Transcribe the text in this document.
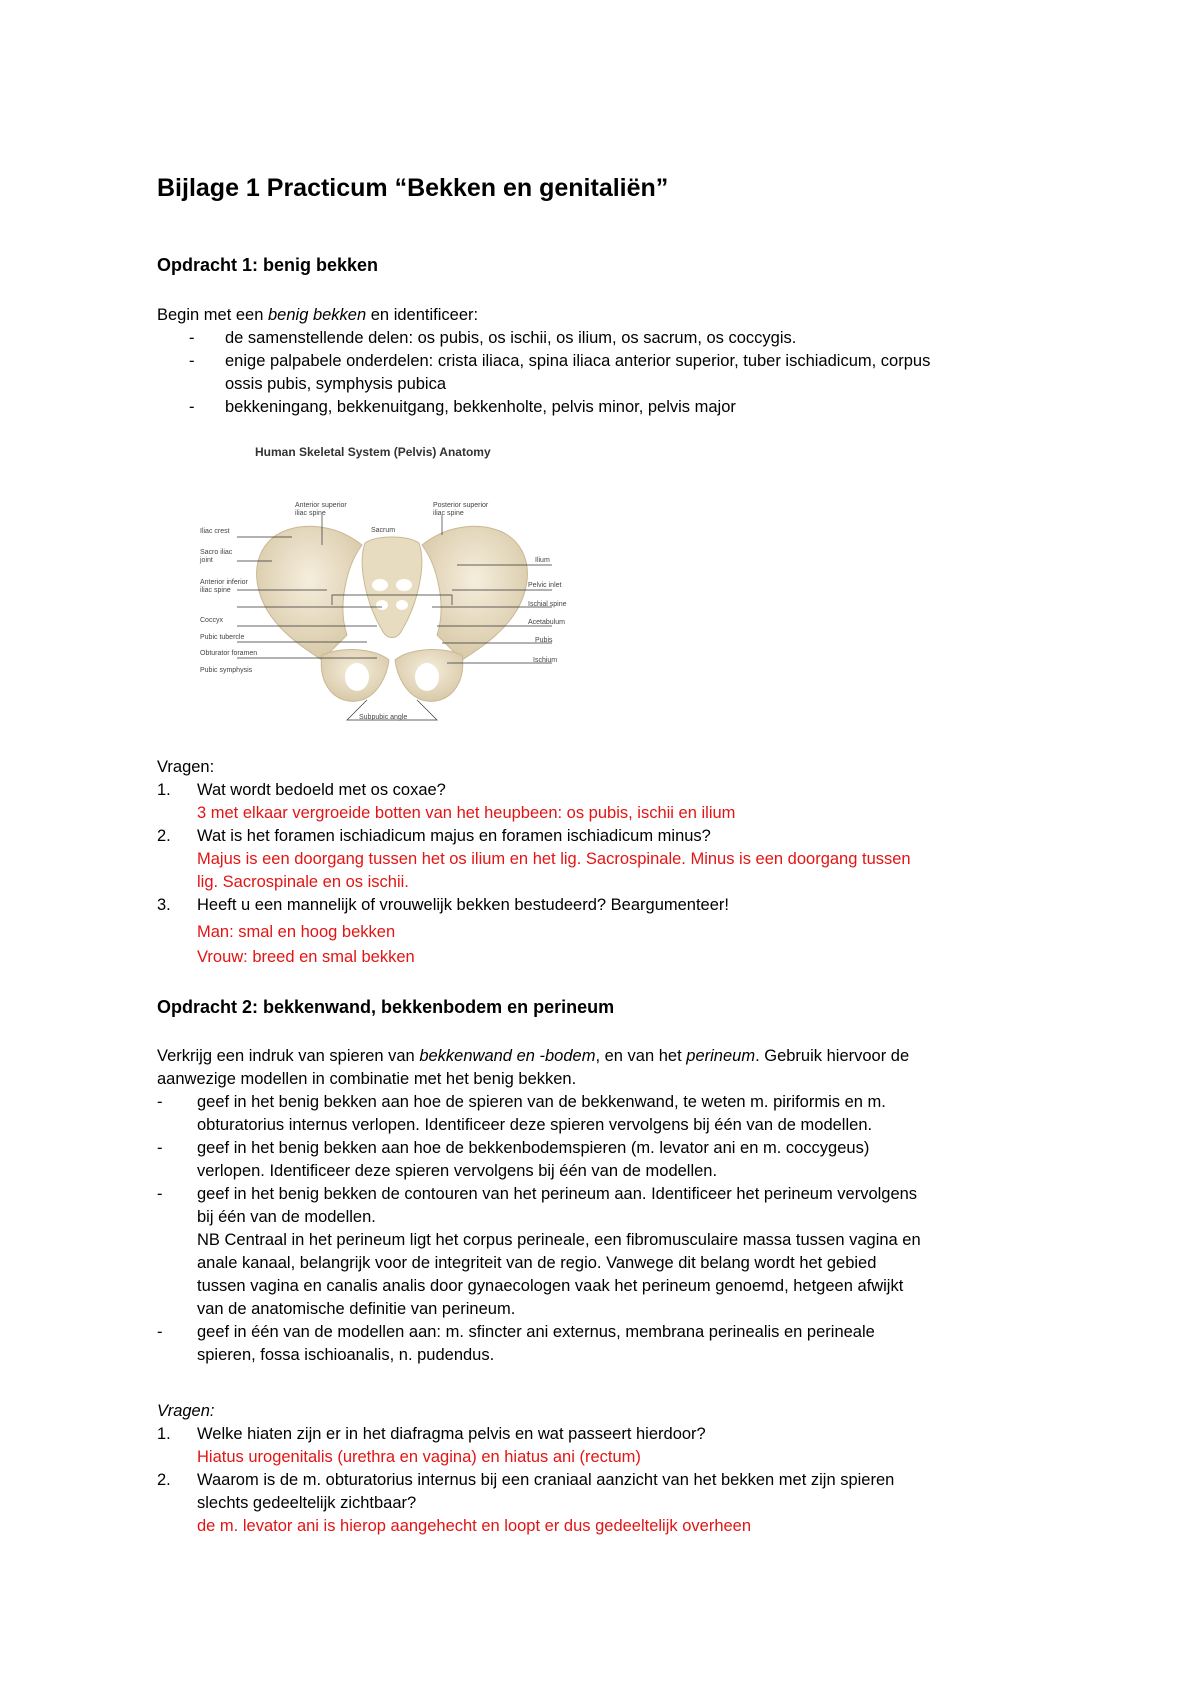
Bijlage 1 Practicum “Bekken en genitaliën”
Opdracht 1: benig bekken
Begin met een benig bekken en identificeer:
- de samenstellende delen: os pubis, os ischii, os ilium, os sacrum, os coccygis.
- enige palpabele onderdelen: crista iliaca, spina iliaca anterior superior, tuber ischiadicum, corpus
ossis pubis, symphysis pubica
- bekkeningang, bekkenuitgang, bekkenholte, pelvis minor, pelvis major
Human Skeletal System (Pelvis) Anatomy
Anterior superior
iliac spine
Posterior superior
iliac spine
Iliac crest
Sacro iliac
joint
Anterior inferior
iliac spine
Coccyx
Pubic tubercle
Obturator foramen
Pubic symphysis
Sacrum
Ilium
Pelvic inlet
Ischial spine
Acetabulum
Pubis
Ischium
Subpubic angle
Vragen:
1. Wat wordt bedoeld met os coxae?
3 met elkaar vergroeide botten van het heupbeen: os pubis, ischii en ilium
2. Wat is het foramen ischiadicum majus en foramen ischiadicum minus?
Majus is een doorgang tussen het os ilium en het lig. Sacrospinale. Minus is een doorgang tussen
lig. Sacrospinale en os ischii.
3. Heeft u een mannelijk of vrouwelijk bekken bestudeerd? Beargumenteer!
Man: smal en hoog bekken
Vrouw: breed en smal bekken
Opdracht 2: bekkenwand, bekkenbodem en perineum
Verkrijg een indruk van spieren van bekkenwand en -bodem, en van het perineum. Gebruik hiervoor de
aanwezige modellen in combinatie met het benig bekken.
- geef in het benig bekken aan hoe de spieren van de bekkenwand, te weten m. piriformis en m.
obturatorius internus verlopen. Identificeer deze spieren vervolgens bij één van de modellen.
- geef in het benig bekken aan hoe de bekkenbodemspieren (m. levator ani en m. coccygeus)
verlopen. Identificeer deze spieren vervolgens bij één van de modellen.
- geef in het benig bekken de contouren van het perineum aan. Identificeer het perineum vervolgens
bij één van de modellen.
NB Centraal in het perineum ligt het corpus perineale, een fibromusculaire massa tussen vagina en
anale kanaal, belangrijk voor de integriteit van de regio. Vanwege dit belang wordt het gebied
tussen vagina en canalis analis door gynaecologen vaak het perineum genoemd, hetgeen afwijkt
van de anatomische definitie van perineum.
- geef in één van de modellen aan: m. sfincter ani externus, membrana perinealis en perineale
spieren, fossa ischioanalis, n. pudendus.
Vragen:
1. Welke hiaten zijn er in het diafragma pelvis en wat passeert hierdoor?
Hiatus urogenitalis (urethra en vagina) en hiatus ani (rectum)
2. Waarom is de m. obturatorius internus bij een craniaal aanzicht van het bekken met zijn spieren
slechts gedeeltelijk zichtbaar?
de m. levator ani is hierop aangehecht en loopt er dus gedeeltelijk overheen
